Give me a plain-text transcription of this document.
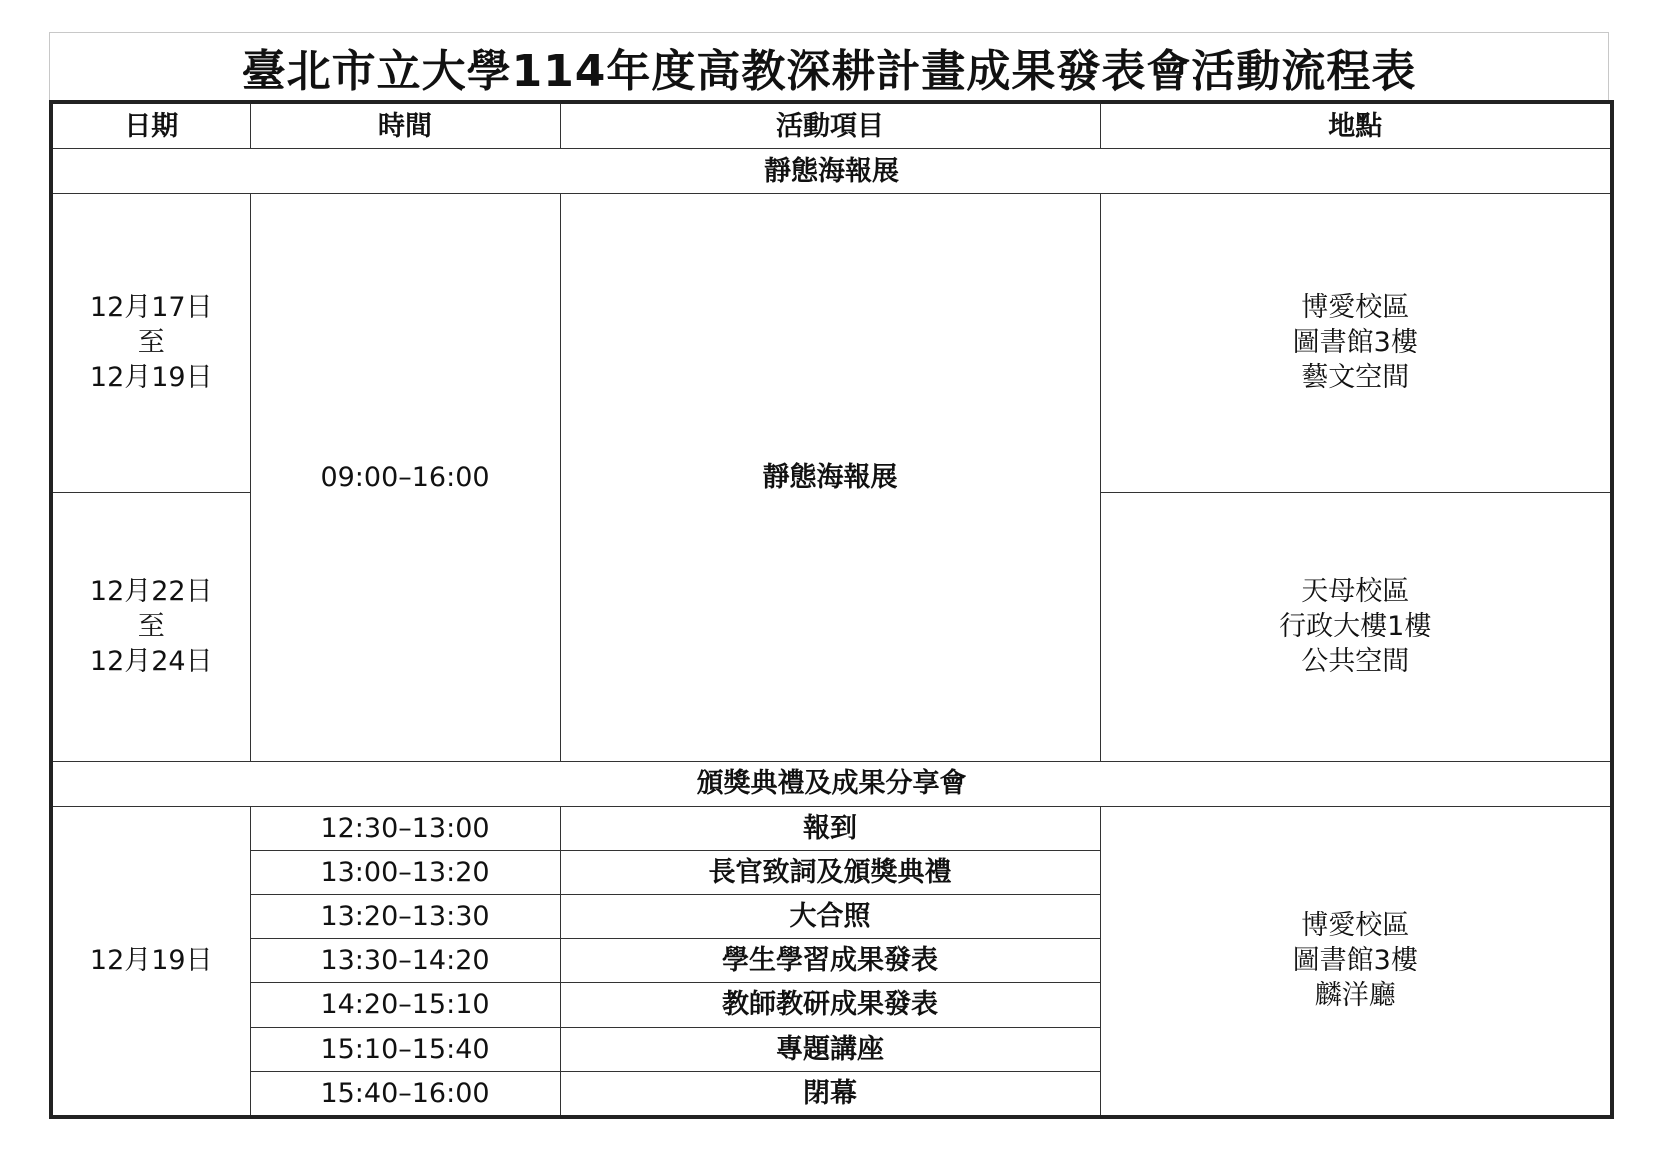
臺北市立大學114年度高教深耕計畫成果發表會活動流程表
日期	時間	活動項目	地點
靜態海報展			

12月17日
至
12月19日	09:00–16:00	靜態海報展	博愛校區
圖書館3樓
藝文空間

12月22日
至
12月24日			天母校區
行政大樓1樓
公共空間

頒獎典禮及成果分享會			
12月19日	12:30–13:00	報到	博愛校區
圖書館3樓
麟洋廳

	13:00–13:20	長官致詞及頒獎典禮	
	13:20–13:30	大合照	
	13:30–14:20	學生學習成果發表	
	14:20–15:10	教師教研成果發表	
	15:10–15:40	專題講座	
	15:40–16:00	閉幕	
